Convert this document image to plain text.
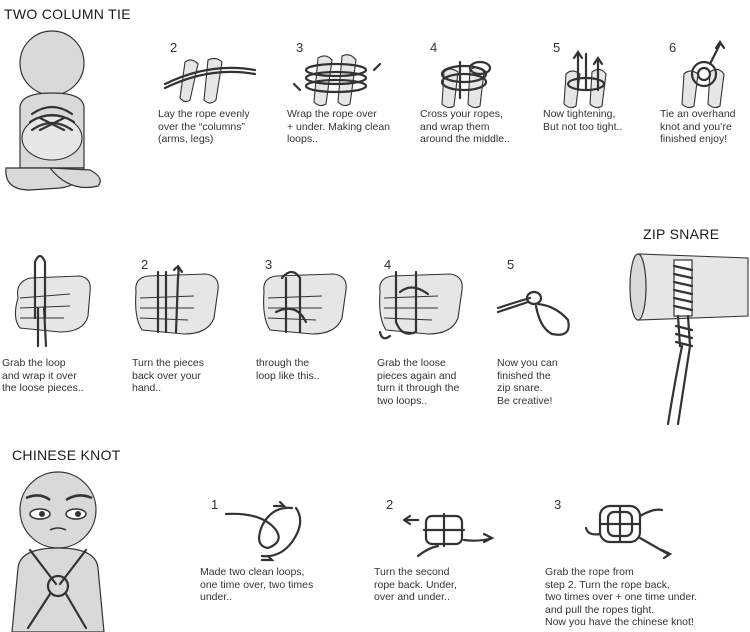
TWO COLUMN TIE
2
Lay the rope evenly
over the “columns”
(arms, legs)
3
Wrap the rope over
+ under. Making clean
loops..
4
Cross your ropes,
and wrap them
around the middle..
5
Now tightening,
But not too tight..
6
Tie an overhand
knot and you’re
finished enjoy!
ZIP SNARE
Grab the loop
and wrap it over
the loose pieces..
2
Turn the pieces
back over your
hand..
3
through the
loop like this..
4
Grab the loose
pieces again and
turn it through the
two loops..
5
Now you can
finished the
zip snare.
Be creative!
CHINESE KNOT
1
Made two clean loops,
one time over, two times
under..
2
Turn the second
rope back. Under,
over and under..
3
Grab the rope from
step 2. Turn the rope back,
two times over + one time under.
and pull the ropes tight.
Now you have the chinese knot!
